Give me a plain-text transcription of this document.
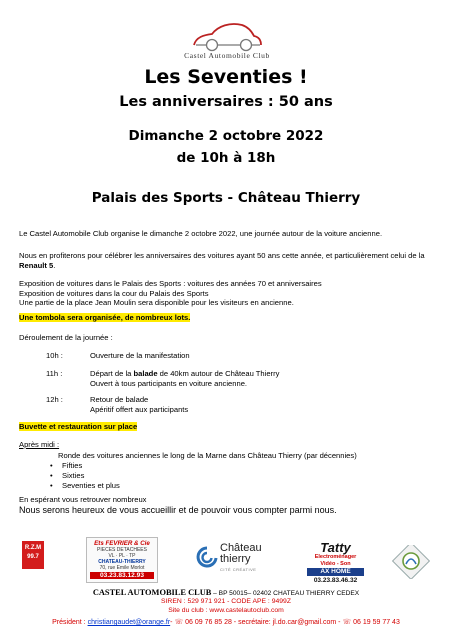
Castel Automobile Club
Les Seventies !
Les anniversaires : 50 ans
Dimanche 2 octobre 2022
de 10h à 18h
Palais des Sports - Château Thierry
Le Castel Automobile Club organise le dimanche 2 octobre 2022, une journée autour de la voiture ancienne.
Nous en profiterons pour célébrer les anniversaires des voitures ayant 50 ans cette année, et particulièrement celui de la Renault 5.
Exposition de voitures dans le Palais des Sports : voitures des années 70 et anniversaires
Exposition de voitures dans la cour du Palais des Sports
Une partie de la place Jean Moulin sera disponible pour les visiteurs en ancienne.
Une tombola sera organisée, de nombreux lots.
Déroulement de la journée :
10h :	Ouverture de la manifestation
11h :	Départ de la balade de 40km autour de Château Thierry
Ouvert à tous participants en voiture ancienne.
12h :	Retour de balade
Apéritif offert aux participants
Buvette et restauration sur place
Après midi :
Ronde des voitures anciennes le long de la Marne dans Château Thierry (par décennies)
• Fifties
• Sixties
• Seventies et plus
En espérant vous retrouver nombreux
Nous serons heureux de vous accueillir et de pouvoir vous compter parmi nous.
R.Z.M
99.7
Ets FEVRIER & Cie
PIECES DETACHEES
VL · PL · TP
CHATEAU-THIERRY
70, rue Emile Morlot
03.23.83.12.93
Château
thierry
CITÉ CRÉATIVE
Tatty
Electroménager
Vidéo - Son
AX HOME
03.23.83.46.32
CASTEL AUTOMOBILE CLUB – BP 50015– 02402 CHATEAU THIERRY CEDEX
SIREN : 529 971 921 - CODE APE : 9499Z
Site du club : www.castelautoclub.com
Président : christiangaudet@orange.fr- ☏ 06 09 76 85 28 - secrétaire: jl.do.car@gmail.com - ☏ 06 19 59 77 43
